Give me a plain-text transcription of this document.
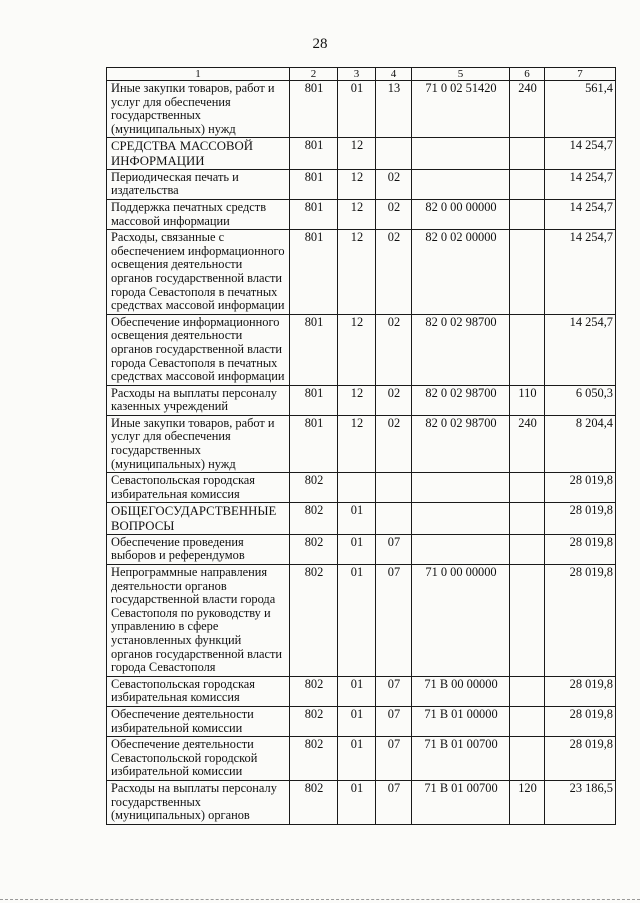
28
1	2	3	4	5	6	7
Иные закупки товаров, работ и услуг для обеспечения государственных (муниципальных) нужд	801	01	13	71 0 02 51420	240	561,4
СРЕДСТВА МАССОВОЙ ИНФОРМАЦИИ	801	12				14 254,7
Периодическая печать и издательства	801	12	02			14 254,7
Поддержка печатных средств массовой информации	801	12	02	82 0 00 00000		14 254,7
Расходы, связанные с обеспечением информационного освещения деятельности органов государственной власти города Севастополя в печатных средствах массовой информации	801	12	02	82 0 02 00000		14 254,7
Обеспечение информационного освещения деятельности органов государственной власти города Севастополя в печатных средствах массовой информации	801	12	02	82 0 02 98700		14 254,7
Расходы на выплаты персоналу казенных учреждений	801	12	02	82 0 02 98700	110	6 050,3
Иные закупки товаров, работ и услуг для обеспечения государственных (муниципальных) нужд	801	12	02	82 0 02 98700	240	8 204,4
Севастопольская городская избирательная комиссия	802					28 019,8
ОБЩЕГОСУДАРСТВЕННЫЕ ВОПРОСЫ	802	01				28 019,8
Обеспечение проведения выборов и референдумов	802	01	07			28 019,8
Непрограммные направления деятельности органов государственной власти города Севастополя по руководству и управлению в сфере установленных функций органов государственной власти города Севастополя	802	01	07	71 0 00 00000		28 019,8
Севастопольская городская избирательная комиссия	802	01	07	71 В 00 00000		28 019,8
Обеспечение деятельности избирательной комиссии	802	01	07	71 В 01 00000		28 019,8
Обеспечение деятельности Севастопольской городской избирательной комиссии	802	01	07	71 В 01 00700		28 019,8
Расходы на выплаты персоналу государственных (муниципальных) органов	802	01	07	71 В 01 00700	120	23 186,5
